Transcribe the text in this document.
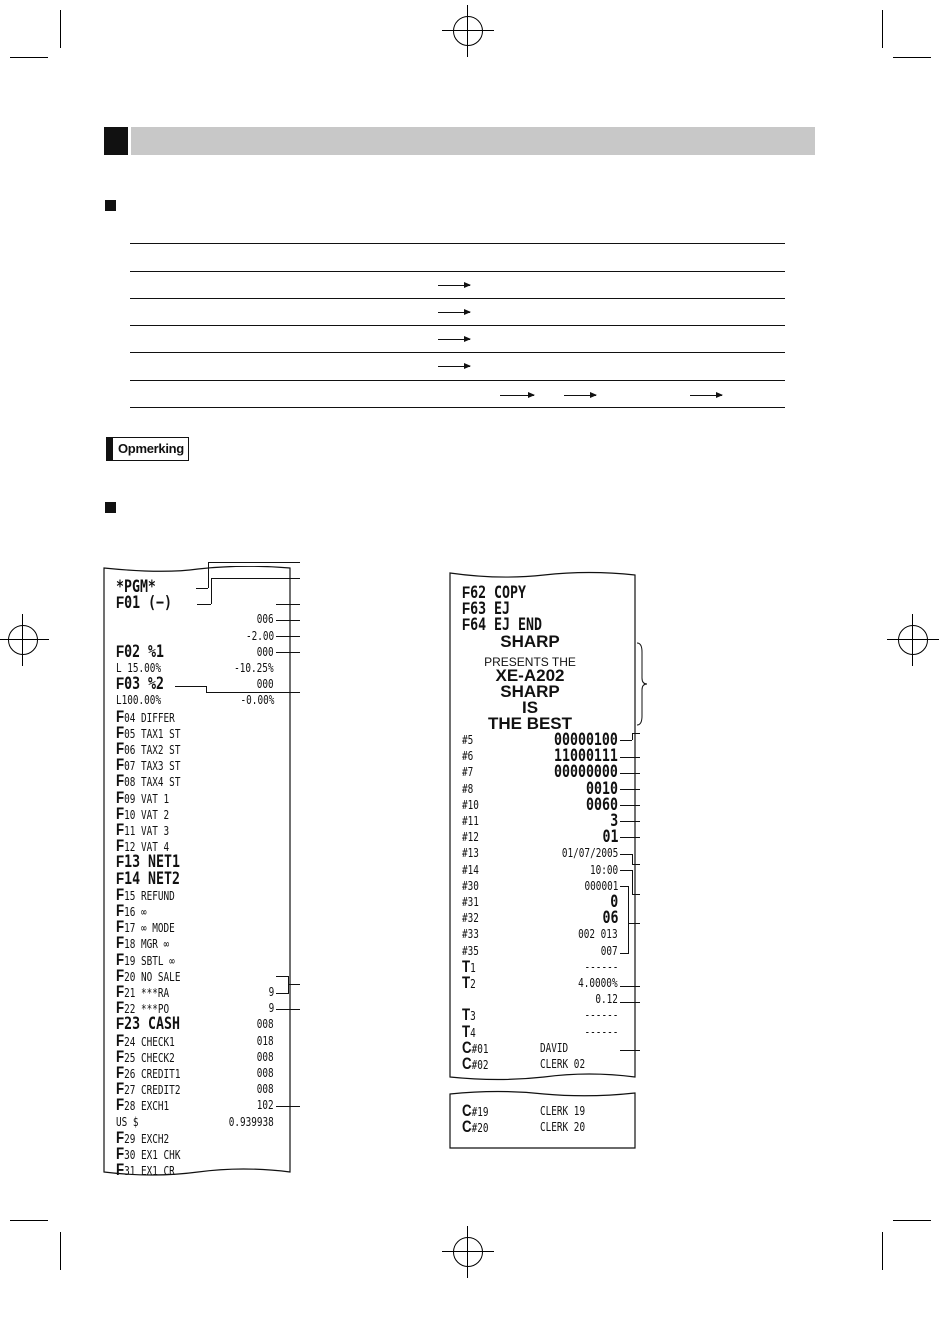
Opmerking
*PGM*
F01 (−)
006
-2.00
F02 %1	000
L 15.00%	-10.25%
F03 %2	000
L100.00%	-0.00%
F04 DIFFER
F05 TAX1 ST
F06 TAX2 ST
F07 TAX3 ST
F08 TAX4 ST
F09 VAT 1
F10 VAT 2
F11 VAT 3
F12 VAT 4
F13 NET1
F14 NET2
F15 REFUND
F16 ∞
F17 ∞ MODE
F18 MGR ∞
F19 SBTL ∞
F20 NO SALE
F21 ***RA	9
F22 ***PO	9
F23 CASH	008
F24 CHECK1	018
F25 CHECK2	008
F26 CREDIT1	008
F27 CREDIT2	008
F28 EXCH1	102
US $	0.939938
F29 EXCH2
F30 EX1 CHK
F31 EX1 CR
F62 COPY
F63 EJ
F64 EJ END
SHARP
PRESENTS THE
XE-A202
SHARP
IS
THE BEST
#5	00000100
#6	11000111
#7	00000000
#8	0010
#10	0060
#11	3
#12	01
#13	01/07/2005
#14	10:00
#30	000001
#31	0
#32	06
#33	002 013
#35	007
T1	------
T2	4.0000%
0.12
T3	------
T4	------
C#01	DAVID
C#02	CLERK 02
C#19	CLERK 19
C#20	CLERK 20
